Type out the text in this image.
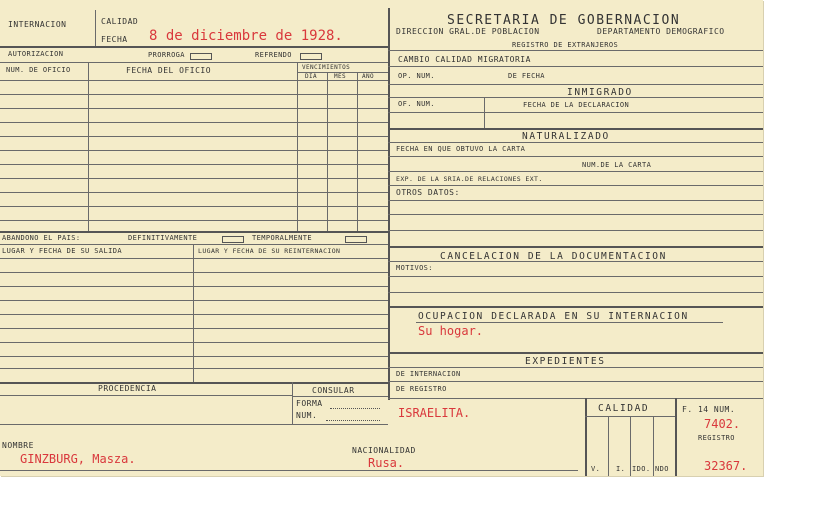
INTERNACION	CALIDAD
FECHA 8 de diciembre de 1928.
SECRETARIA DE GOBERNACION
DIRECCION GRAL.DE POBLACION	DEPARTAMENTO DEMOGRAFICO
REGISTRO DE EXTRANJEROS
AUTORIZACION	PRORROGA	REFRENDO
NUM. DE OFICIO	FECHA DEL OFICIO	VENCIMIENTOS
DIA	MES	AÑO
ABANDONO EL PAIS:	DEFINITIVAMENTE	TEMPORALMENTE
LUGAR Y FECHA DE SU SALIDA	LUGAR Y FECHA DE SU REINTERNACION
PROCEDENCIA	CONSULAR
FORMA
NUM.
CAMBIO CALIDAD MIGRATORIA
OP. NUM.	DE FECHA
INMIGRADO
OF. NUM.	FECHA DE LA DECLARACION
NATURALIZADO
FECHA EN QUE OBTUVO LA CARTA
NUM.DE LA CARTA
EXP. DE LA SRIA.DE RELACIONES EXT.
OTROS DATOS:
CANCELACION DE LA DOCUMENTACION
MOTIVOS:
OCUPACION DECLARADA EN SU INTERNACION
Su hogar.
EXPEDIENTES
DE INTERNACION
DE REGISTRO
ISRAELITA.	CALIDAD
V. I. IDO. NDO
F. 14 NUM.
7402.
REGISTRO
32367.
NOMBRE
GINZBURG, Masza.
NACIONALIDAD
Rusa.
